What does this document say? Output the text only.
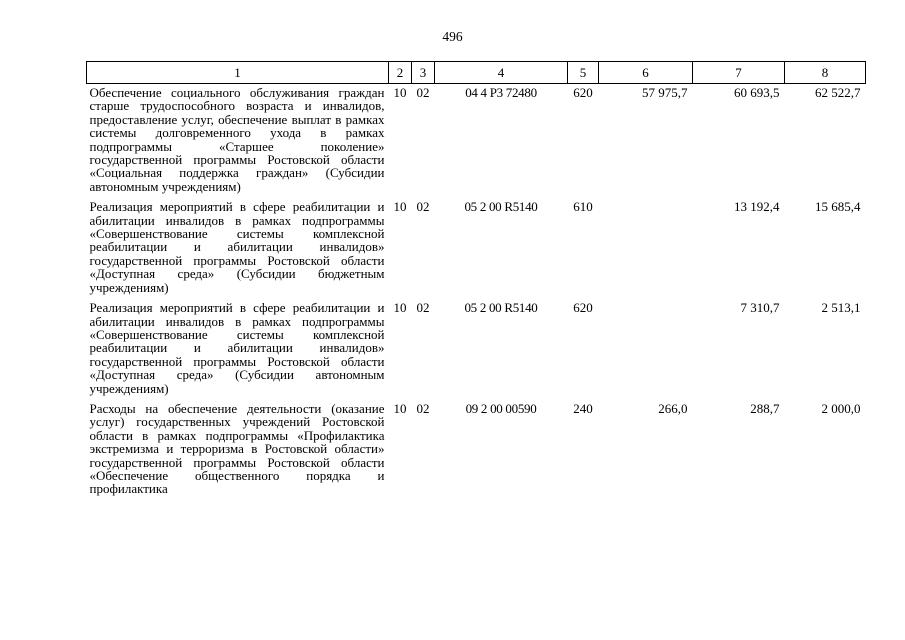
496
1	2	3	4	5	6	7	8
Обеспечение социального обслуживания граждан старше трудоспособного возраста и инвалидов, предоставление услуг, обеспечение выплат в рамках системы долговременного ухода в рамках подпрограммы «Старшее поколение» государственной программы Ростовской области «Социальная поддержка граждан» (Субсидии автономным учреждениям)	10	02	04 4 Р3 72480	620	57 975,7	60 693,5	62 522,7
Реализация мероприятий в сфере реабилитации и абилитации инвалидов в рамках подпрограммы «Совершенствование системы комплексной реабилитации и абилитации инвалидов» государственной программы Ростовской области «Доступная среда» (Субсидии бюджетным учреждениям)	10	02	05 2 00 R5140	610		13 192,4	15 685,4
Реализация мероприятий в сфере реабилитации и абилитации инвалидов в рамках подпрограммы «Совершенствование системы комплексной реабилитации и абилитации инвалидов» государственной программы Ростовской области «Доступная среда» (Субсидии автономным учреждениям)	10	02	05 2 00 R5140	620		7 310,7	2 513,1
Расходы на обеспечение деятельности (оказание услуг) государственных учреждений Ростовской области в рамках подпрограммы «Профилактика экстремизма и терроризма в Ростовской области» государственной программы Ростовской области «Обеспечение общественного порядка и профилактика	10	02	09 2 00 00590	240	266,0	288,7	2 000,0
